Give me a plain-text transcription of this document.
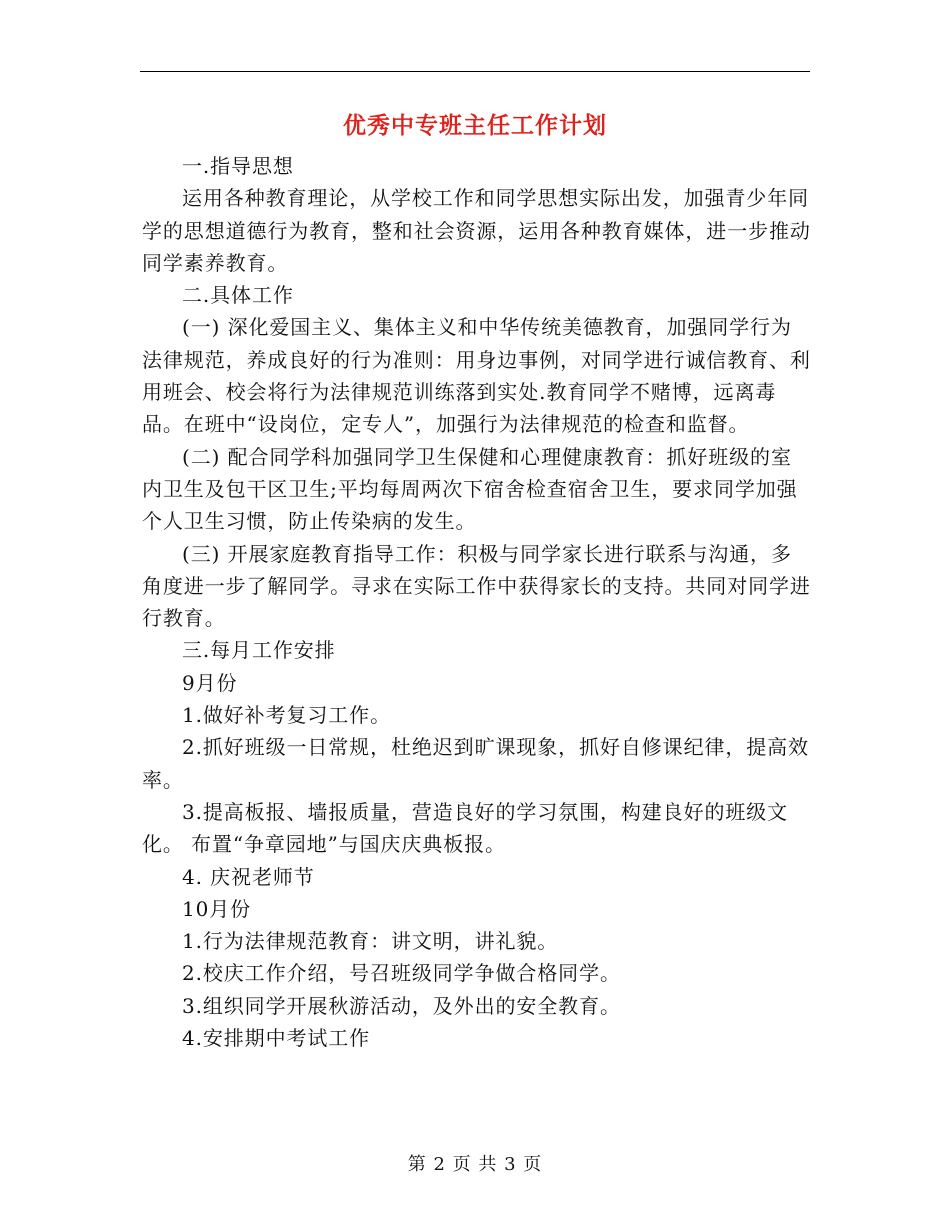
优秀中专班主任工作计划

一.指导思想

运用各种教育理论，从学校工作和同学思想实际出发，加强青少年同学的思想道德行为教育，整和社会资源，运用各种教育媒体，进一步推动同学素养教育。

二.具体工作

(一) 深化爱国主义、集体主义和中华传统美德教育，加强同学行为法律规范，养成良好的行为准则：用身边事例，对同学进行诚信教育、利用班会、校会将行为法律规范训练落到实处.教育同学不赌博，远离毒品。在班中“设岗位，定专人”，加强行为法律规范的检查和监督。

(二) 配合同学科加强同学卫生保健和心理健康教育：抓好班级的室内卫生及包干区卫生;平均每周两次下宿舍检查宿舍卫生，要求同学加强个人卫生习惯，防止传染病的发生。

(三) 开展家庭教育指导工作：积极与同学家长进行联系与沟通，多角度进一步了解同学。寻求在实际工作中获得家长的支持。共同对同学进行教育。

三.每月工作安排

9月份

1.做好补考复习工作。

2.抓好班级一日常规，杜绝迟到旷课现象，抓好自修课纪律，提高效率。

3.提高板报、墙报质量，营造良好的学习氛围，构建良好的班级文化。 布置“争章园地”与国庆庆典板报。

4. 庆祝老师节

10月份

1.行为法律规范教育：讲文明，讲礼貌。

2.校庆工作介绍，号召班级同学争做合格同学。

3.组织同学开展秋游活动，及外出的安全教育。

4.安排期中考试工作

第 2 页 共 3 页
